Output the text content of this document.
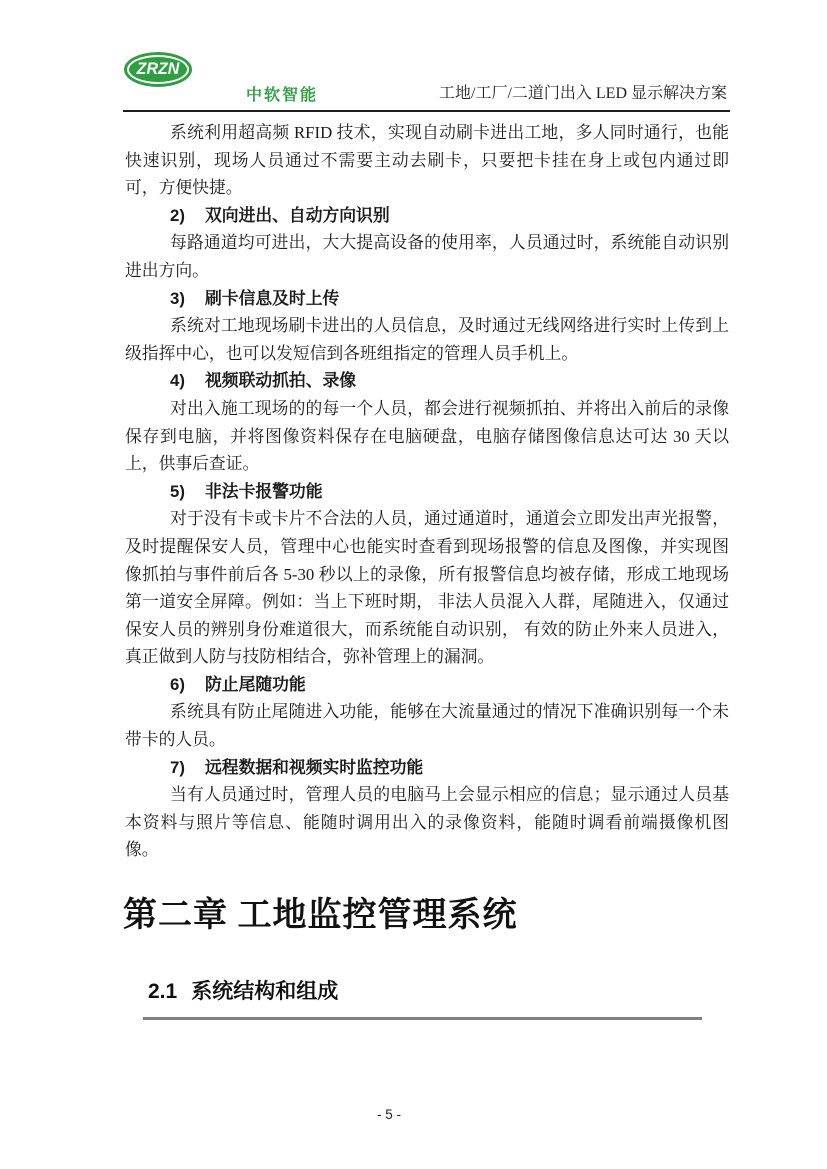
ZRZN
中软智能	工地/工厂/二道门出入 LED 显示解决方案

系统利用超高频 RFID 技术，实现自动刷卡进出工地，多人同时通行，也能快速识别，现场人员通过不需要主动去刷卡，只要把卡挂在身上或包内通过即可，方便快捷。

2) 双向进出、自动方向识别

每路通道均可进出，大大提高设备的使用率，人员通过时，系统能自动识别进出方向。

3) 刷卡信息及时上传

系统对工地现场刷卡进出的人员信息，及时通过无线网络进行实时上传到上级指挥中心，也可以发短信到各班组指定的管理人员手机上。

4) 视频联动抓拍、录像

对出入施工现场的的每一个人员，都会进行视频抓拍、并将出入前后的录像保存到电脑，并将图像资料保存在电脑硬盘，电脑存储图像信息达可达 30 天以上，供事后查证。

5) 非法卡报警功能

对于没有卡或卡片不合法的人员，通过通道时，通道会立即发出声光报警，及时提醒保安人员，管理中心也能实时查看到现场报警的信息及图像，并实现图像抓拍与事件前后各 5-30 秒以上的录像，所有报警信息均被存储，形成工地现场第一道安全屏障。例如：当上下班时期， 非法人员混入人群，尾随进入，仅通过保安人员的辨别身份难道很大，而系统能自动识别， 有效的防止外来人员进入，真正做到人防与技防相结合，弥补管理上的漏洞。

6) 防止尾随功能

系统具有防止尾随进入功能，能够在大流量通过的情况下准确识别每一个未带卡的人员。

7) 远程数据和视频实时监控功能

当有人员通过时，管理人员的电脑马上会显示相应的信息；显示通过人员基本资料与照片等信息、能随时调用出入的录像资料，能随时调看前端摄像机图像。

第二章 工地监控管理系统
2.1 系统结构和组成
- 5 -
